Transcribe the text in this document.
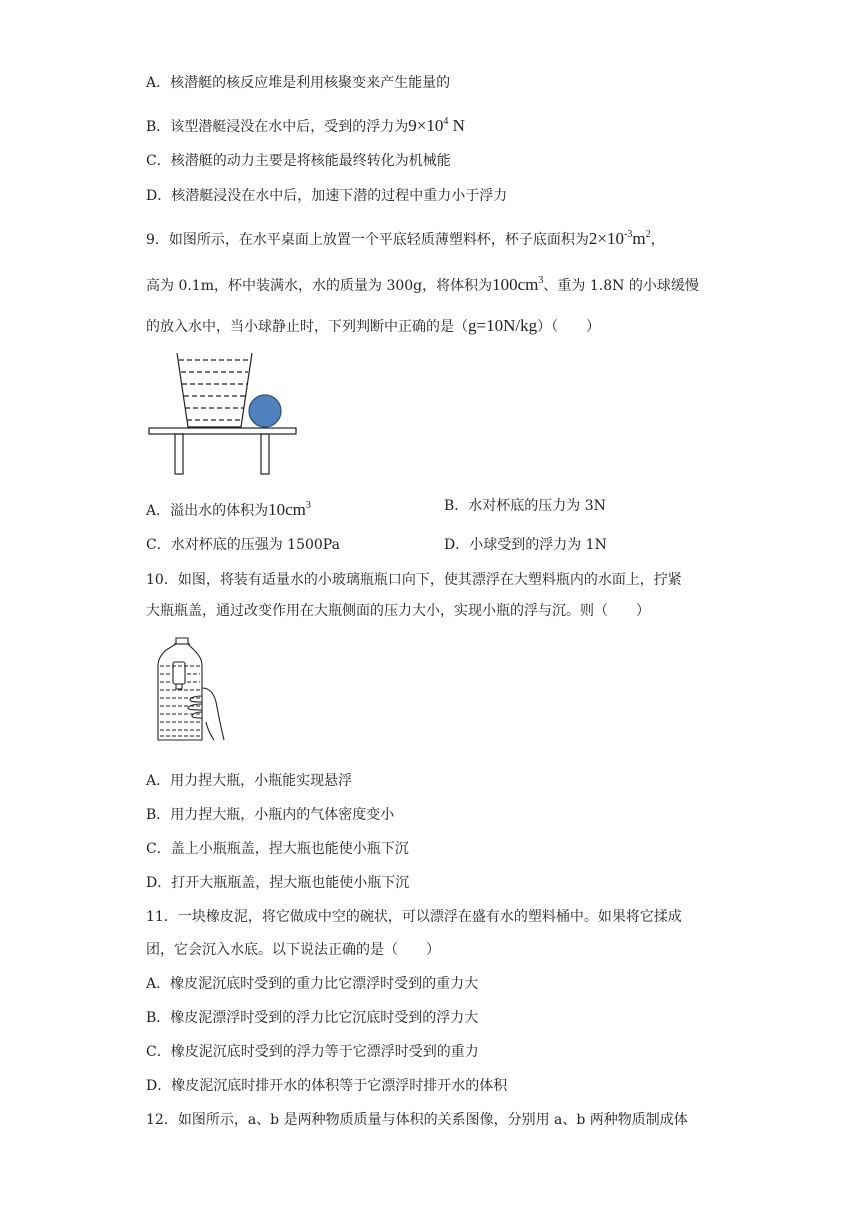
A．核潜艇的核反应堆是利用核聚变来产生能量的
B．该型潜艇浸没在水中后，受到的浮力为$9\times 10^4$ N
C．核潜艇的动力主要是将核能最终转化为机械能
D．核潜艇浸没在水中后，加速下潜的过程中重力小于浮力
9．如图所示，在水平桌面上放置一个平底轻质薄塑料杯，杯子底面积为$2\times 10^{-3}m^2$，
高为 0.1m，杯中装满水，水的质量为 300g，将体积为$100cm^3$、重为 1.8N 的小球缓慢
的放入水中，当小球静止时，下列判断中正确的是（g=10N/kg）（　　）
A．溢出水的体积为$10cm^3$	B．水对杯底的压力为 3N
C．水对杯底的压强为 1500Pa	D．小球受到的浮力为 1N
10．如图，将装有适量水的小玻璃瓶瓶口向下，使其漂浮在大塑料瓶内的水面上，拧紧
大瓶瓶盖，通过改变作用在大瓶侧面的压力大小，实现小瓶的浮与沉。则（　　）
A．用力捏大瓶，小瓶能实现悬浮
B．用力捏大瓶，小瓶内的气体密度变小
C．盖上小瓶瓶盖，捏大瓶也能使小瓶下沉
D．打开大瓶瓶盖，捏大瓶也能使小瓶下沉
11．一块橡皮泥，将它做成中空的碗状，可以漂浮在盛有水的塑料桶中。如果将它揉成
团，它会沉入水底。以下说法正确的是（　　）
A．橡皮泥沉底时受到的重力比它漂浮时受到的重力大
B．橡皮泥漂浮时受到的浮力比它沉底时受到的浮力大
C．橡皮泥沉底时受到的浮力等于它漂浮时受到的重力
D．橡皮泥沉底时排开水的体积等于它漂浮时排开水的体积
12．如图所示，a、b 是两种物质质量与体积的关系图像，分别用 a、b 两种物质制成体
